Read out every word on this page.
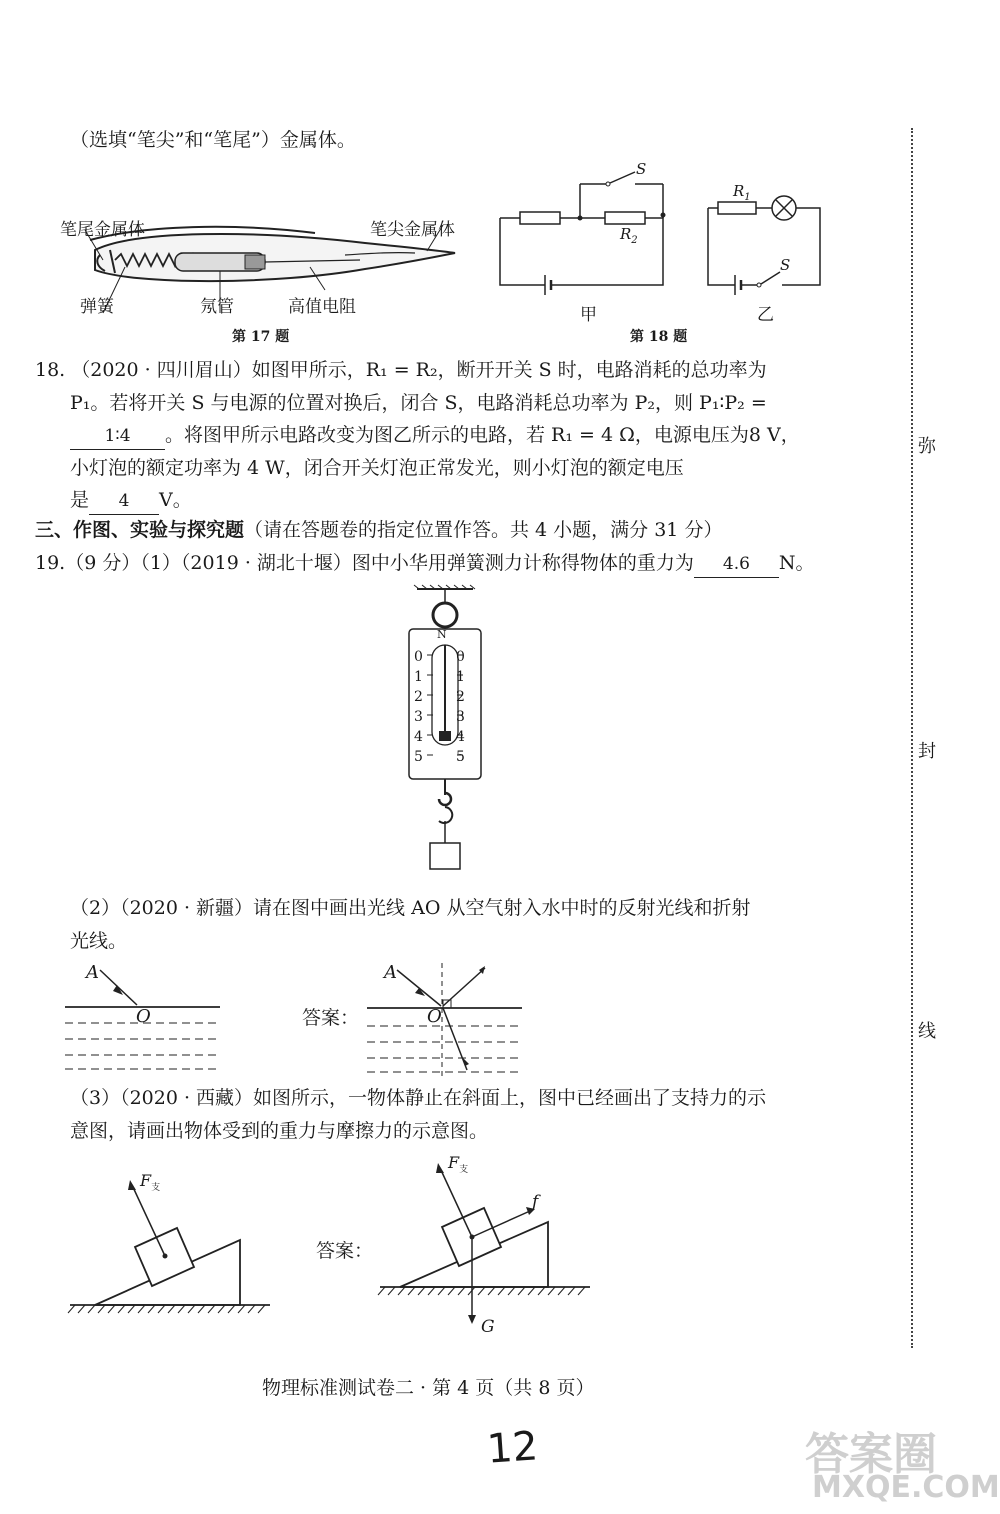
（选填“笔尖”和“笔尾”）金属体。
笔尾金属体	笔尖金属体
弹簧	氖管	高值电阻
第 17 题
S
$R_2$
甲
$R_1$
S
乙
第 18 题
18. （2020 · 四川眉山）如图甲所示，R₁ = R₂，断开开关 S 时，电路消耗的总功率为
P₁。若将开关 S 与电源的位置对换后，闭合 S，电路消耗总功率为 P₂，则 P₁∶P₂ =
1∶4 。将图甲所示电路改变为图乙所示的电路，若 R₁ = 4 Ω，电源电压为8 V，
小灯泡的额定功率为 4 W，闭合开关灯泡正常发光，则小灯泡的额定电压
是 4 V。
三、作图、实验与探究题（请在答题卷的指定位置作答。共 4 小题，满分 31 分）
19.（9 分）（1）（2019 · 湖北十堰）图中小华用弹簧测力计称得物体的重力为 4.6 N。
N
0
1
2
3
4
5
0
1
2
3
4
5
（2）（2020 · 新疆）请在图中画出光线 AO 从空气射入水中时的反射光线和折射
光线。
A
O	答案：
A
O
（3）（2020 · 西藏）如图所示，一物体静止在斜面上，图中已经画出了支持力的示
意图，请画出物体受到的重力与摩擦力的示意图。
$F_支$
答案：
$F_支$
f
G
物理标准测试卷二 · 第 4 页（共 8 页）
12
弥
封
线
答案圈
MXQE.COM
